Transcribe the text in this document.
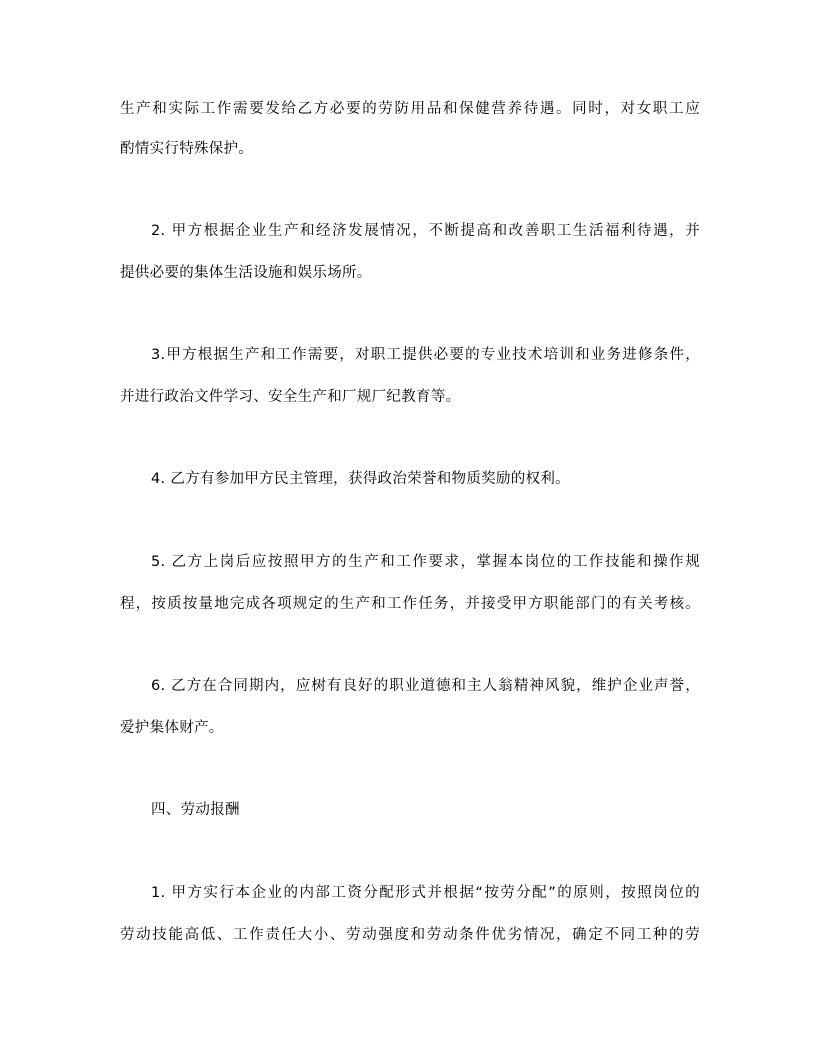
生产和实际工作需要发给乙方必要的劳防用品和保健营养待遇。同时，对女职工应
酌情实行特殊保护。
2. 甲方根据企业生产和经济发展情况，不断提高和改善职工生活福利待遇，并
提供必要的集体生活设施和娱乐场所。
3.甲方根据生产和工作需要，对职工提供必要的专业技术培训和业务进修条件，
并进行政治文件学习、安全生产和厂规厂纪教育等。
4. 乙方有参加甲方民主管理，获得政治荣誉和物质奖励的权利。
5. 乙方上岗后应按照甲方的生产和工作要求，掌握本岗位的工作技能和操作规
程，按质按量地完成各项规定的生产和工作任务，并接受甲方职能部门的有关考核。
6. 乙方在合同期内，应树有良好的职业道德和主人翁精神风貌，维护企业声誉，
爱护集体财产。
四、劳动报酬
1. 甲方实行本企业的内部工资分配形式并根据“按劳分配”的原则，按照岗位的
劳动技能高低、工作责任大小、劳动强度和劳动条件优劣情况，确定不同工种的劳
